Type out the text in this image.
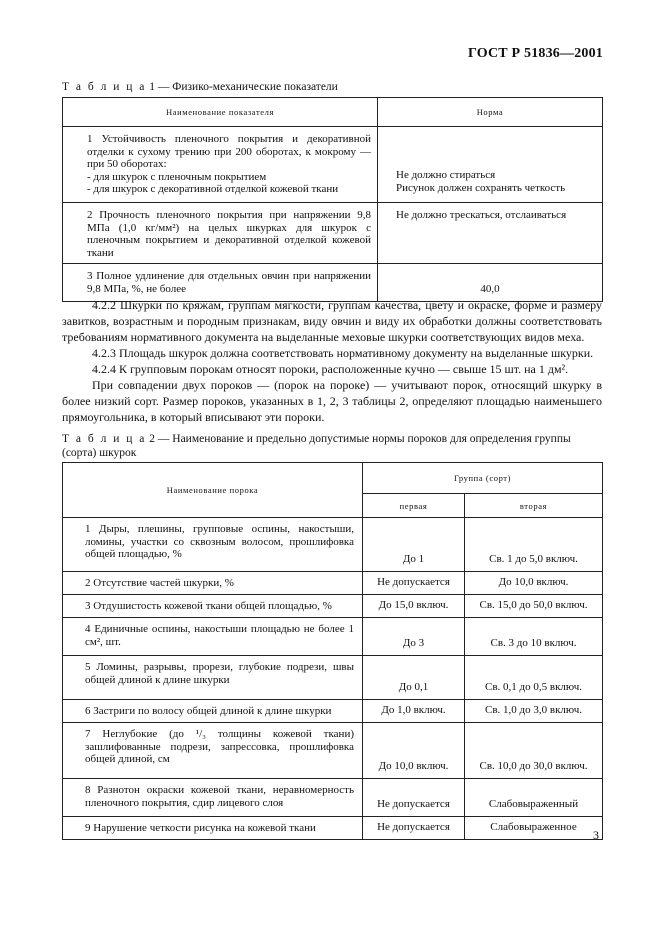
ГОСТ Р 51836—2001
Т а б л и ц а 1 — Физико-механические показатели
Наименование показателя	Норма
1 Устойчивость пленочного покрытия и декоративной отделки к сухому трению при 200 оборотах, к мокрому — при 50 оборотах:
- для шкурок с пленочным покрытием
- для шкурок с декоративной отделкой кожевой ткани	Не должно стираться
Рисунок должен сохранять четкость

2 Прочность пленочного покрытия при напряжении 9,8 МПа (1,0 кг/мм²) на целых шкурках для шкурок с пленочным покрытием и декоративной отделкой кожевой ткани	Не должно трескаться, отслаиваться
3 Полное удлинение для отдельных овчин при напряжении 9,8 МПа, %, не более	40,0

4.2.2 Шкурки по кряжам, группам мягкости, группам качества, цвету и окраске, форме и размеру завитков, возрастным и породным признакам, виду овчин и виду их обработки должны соответствовать требованиям нормативного документа на выделанные меховые шкурки соответствующих видов меха.

4.2.3 Площадь шкурок должна соответствовать нормативному документу на выделанные шкурки.

4.2.4 К групповым порокам относят пороки, расположенные кучно — свыше 15 шт. на 1 дм².

При совпадении двух пороков — (порок на пороке) — учитывают порок, относящий шкурку в более низкий сорт. Размер пороков, указанных в 1, 2, 3 таблицы 2, определяют площадью наименьшего прямоугольника, в который вписывают эти пороки.

Т а б л и ц а 2 — Наименование и предельно допустимые нормы пороков для определения группы (сорта) шкурок
Наименование порока	Группа (сорт)	
	первая	вторая
1 Дыры, плешины, групповые оспины, накостыши, ломины, участки со сквозным волосом, прошлифовка общей площадью, %	До 1	Св. 1 до 5,0 включ.
2 Отсутствие частей шкурки, %	Не допускается	До 10,0 включ.
3 Отдушистость кожевой ткани общей площадью, %	До 15,0 включ.	Св. 15,0 до 50,0 включ.
4 Единичные оспины, накостыши площадью не более 1 см², шт.	До 3	Св. 3 до 10 включ.
5 Ломины, разрывы, прорези, глубокие подрези, швы общей длиной к длине шкурки	До 0,1	Св. 0,1 до 0,5 включ.
6 Застриги по волосу общей длиной к длине шкурки	До 1,0 включ.	Св. 1,0 до 3,0 включ.
7 Неглубокие (до ¹/₃ толщины кожевой ткани) зашлифованные подрези, запрессовка, прошлифовка общей длиной, см	До 10,0 включ.	Св. 10,0 до 30,0 включ.
8 Разнотон окраски кожевой ткани, неравномерность пленочного покрытия, сдир лицевого слоя	Не допускается	Слабовыраженный
9 Нарушение четкости рисунка на кожевой ткани	Не допускается	Слабовыраженное
3
